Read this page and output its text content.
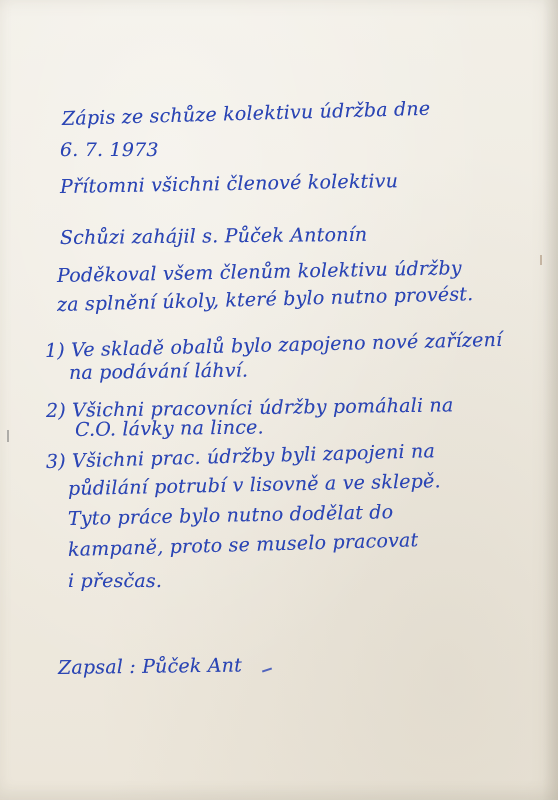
Zápis ze schůze kolektivu údržba dne

6. 7. 1973

Přítomni všichni členové kolektivu

Schůzi zahájil s. Půček Antonín

Poděkoval všem členům kolektivu údržby

za splnění úkoly, které bylo nutno provést.

1) Ve skladě obalů bylo zapojeno nové zařízení

na podávání láhví.

2) Všichni pracovníci údržby pomáhali na

C.O. lávky na lince.

3) Všichni prac. údržby byli zapojeni na

půdilání potrubí v lisovně a ve sklepě.

Tyto práce bylo nutno dodělat do

kampaně, proto se muselo pracovat

i přesčas.

Zapsal : Půček Ant
